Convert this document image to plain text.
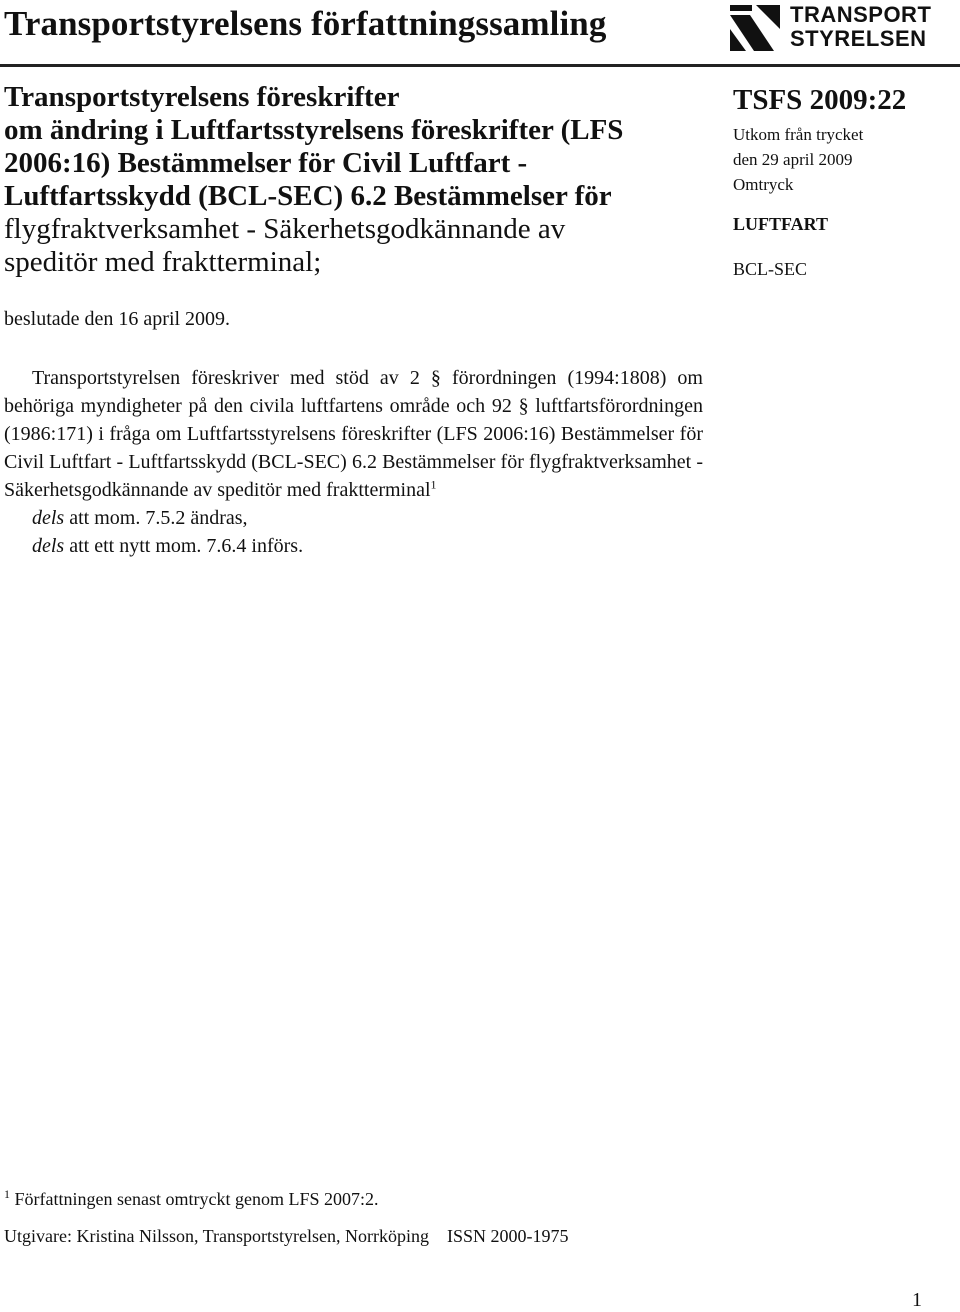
Transportstyrelsens författningssamling	TRANSPORT
STYRELSEN
Transportstyrelsens föreskrifter
om ändring i Luftfartsstyrelsens föreskrifter (LFS
2006:16) Bestämmelser för Civil Luftfart -
Luftfartsskydd (BCL-SEC) 6.2 Bestämmelser för
flygfraktverksamhet - Säkerhetsgodkännande av
speditör med fraktterminal;
beslutade den 16 april 2009.
TSFS 2009:22
Utkom från trycket
den 29 april 2009
Omtryck
LUFTFART
BCL-SEC
Transportstyrelsen föreskriver med stöd av 2 § förordningen (1994:1808) om behöriga myndigheter på den civila luftfartens område och 92 § luftfartsförordningen (1986:171) i fråga om Luftfartsstyrelsens föreskrifter (LFS 2006:16) Bestämmelser för Civil Luftfart - Luftfartsskydd (BCL-SEC) 6.2 Bestämmelser för flygfraktverksamhet - Säkerhetsgodkännande av speditör med fraktterminal$^1$
dels att mom. 7.5.2 ändras,
dels att ett nytt mom. 7.6.4 införs.
$^1$ Författningen senast omtryckt genom LFS 2007:2.
Utgivare: Kristina Nilsson, Transportstyrelsen, Norrköping ISSN 2000-1975
1
